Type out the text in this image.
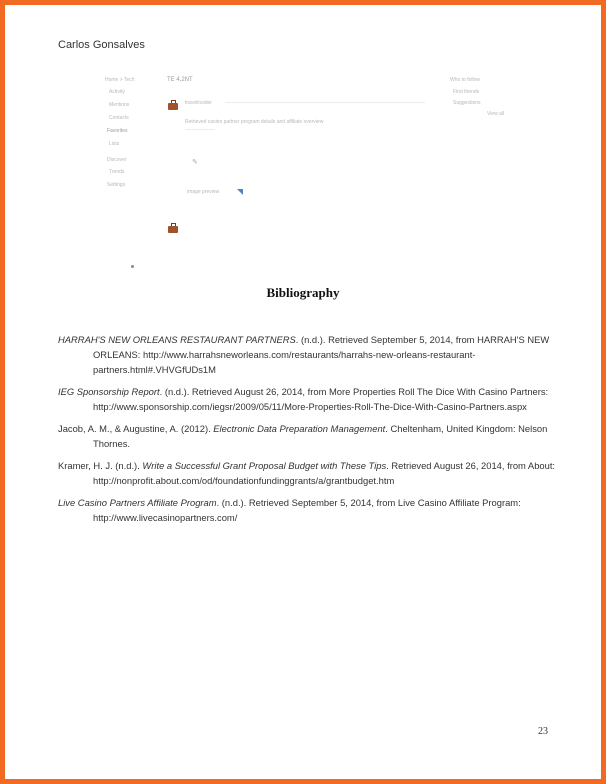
Carlos Gonsalves
TE 4,2NT
Home > Tech
Activity
Mentions
Contacts
Favorites
Lists
Discover
Trends
Settings
travelinsider
Retrieved casino partner program details and affiliate overview
Who to follow
Find friends
Suggestions
View all
✎
image preview
Bibliography
HARRAH'S NEW ORLEANS RESTAURANT PARTNERS. (n.d.). Retrieved September 5, 2014, from HARRAH'S NEW ORLEANS: http://www.harrahsneworleans.com/restaurants/harrahs-new-orleans-restaurant-partners.html#.VHVGfUDs1M
IEG Sponsorship Report. (n.d.). Retrieved August 26, 2014, from More Properties Roll The Dice With Casino Partners: http://www.sponsorship.com/iegsr/2009/05/11/More-Properties-Roll-The-Dice-With-Casino-Partners.aspx
Jacob, A. M., & Augustine, A. (2012). Electronic Data Preparation Management. Cheltenham, United Kingdom: Nelson Thornes.
Kramer, H. J. (n.d.). Write a Successful Grant Proposal Budget with These Tips. Retrieved August 26, 2014, from About: http://nonprofit.about.com/od/foundationfundinggrants/a/grantbudget.htm
Live Casino Partners Affiliate Program. (n.d.). Retrieved September 5, 2014, from Live Casino Affiliate Program: http://www.livecasinopartners.com/
23
